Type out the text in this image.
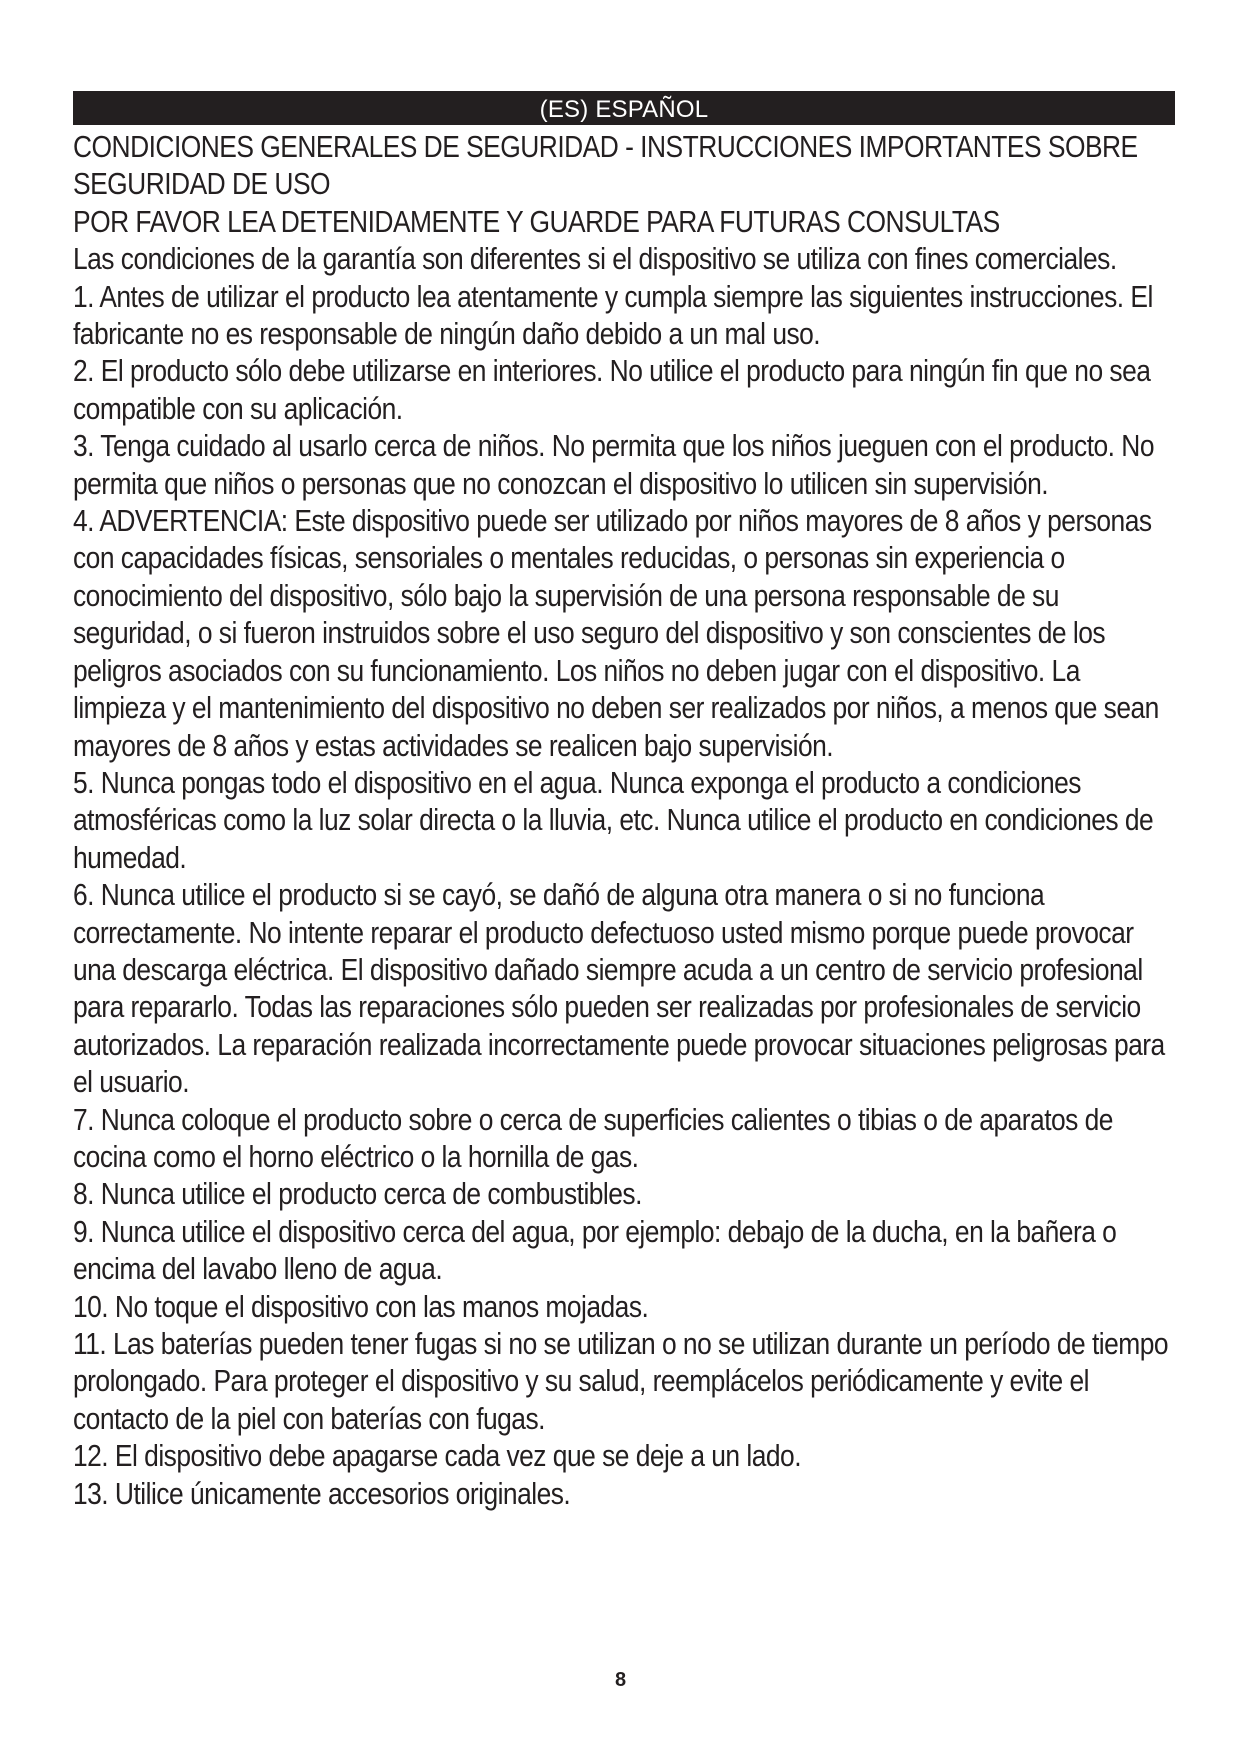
(ES) ESPAÑOL

CONDICIONES GENERALES DE SEGURIDAD - INSTRUCCIONES IMPORTANTES SOBRE SEGURIDAD DE USO

POR FAVOR LEA DETENIDAMENTE Y GUARDE PARA FUTURAS CONSULTAS

Las condiciones de la garantía son diferentes si el dispositivo se utiliza con fines comerciales.

1. Antes de utilizar el producto lea atentamente y cumpla siempre las siguientes instrucciones. El fabricante no es responsable de ningún daño debido a un mal uso.

2. El producto sólo debe utilizarse en interiores. No utilice el producto para ningún fin que no sea compatible con su aplicación.

3. Tenga cuidado al usarlo cerca de niños. No permita que los niños jueguen con el producto. No permita que niños o personas que no conozcan el dispositivo lo utilicen sin supervisión.

4. ADVERTENCIA: Este dispositivo puede ser utilizado por niños mayores de 8 años y personas con capacidades físicas, sensoriales o mentales reducidas, o personas sin experiencia o conocimiento del dispositivo, sólo bajo la supervisión de una persona responsable de su seguridad, o si fueron instruidos sobre el uso seguro del dispositivo y son conscientes de los peligros asociados con su funcionamiento. Los niños no deben jugar con el dispositivo. La limpieza y el mantenimiento del dispositivo no deben ser realizados por niños, a menos que sean mayores de 8 años y estas actividades se realicen bajo supervisión.

5. Nunca pongas todo el dispositivo en el agua. Nunca exponga el producto a condiciones atmosféricas como la luz solar directa o la lluvia, etc. Nunca utilice el producto en condiciones de humedad.

6. Nunca utilice el producto si se cayó, se dañó de alguna otra manera o si no funciona correctamente. No intente reparar el producto defectuoso usted mismo porque puede provocar una descarga eléctrica. El dispositivo dañado siempre acuda a un centro de servicio profesional para repararlo. Todas las reparaciones sólo pueden ser realizadas por profesionales de servicio autorizados. La reparación realizada incorrectamente puede provocar situaciones peligrosas para el usuario.

7. Nunca coloque el producto sobre o cerca de superficies calientes o tibias o de aparatos de cocina como el horno eléctrico o la hornilla de gas.

8. Nunca utilice el producto cerca de combustibles.

9. Nunca utilice el dispositivo cerca del agua, por ejemplo: debajo de la ducha, en la bañera o encima del lavabo lleno de agua.

10. No toque el dispositivo con las manos mojadas.

11. Las baterías pueden tener fugas si no se utilizan o no se utilizan durante un período de tiempo prolongado. Para proteger el dispositivo y su salud, reemplácelos periódicamente y evite el contacto de la piel con baterías con fugas.

12. El dispositivo debe apagarse cada vez que se deje a un lado.

13. Utilice únicamente accesorios originales.

8
